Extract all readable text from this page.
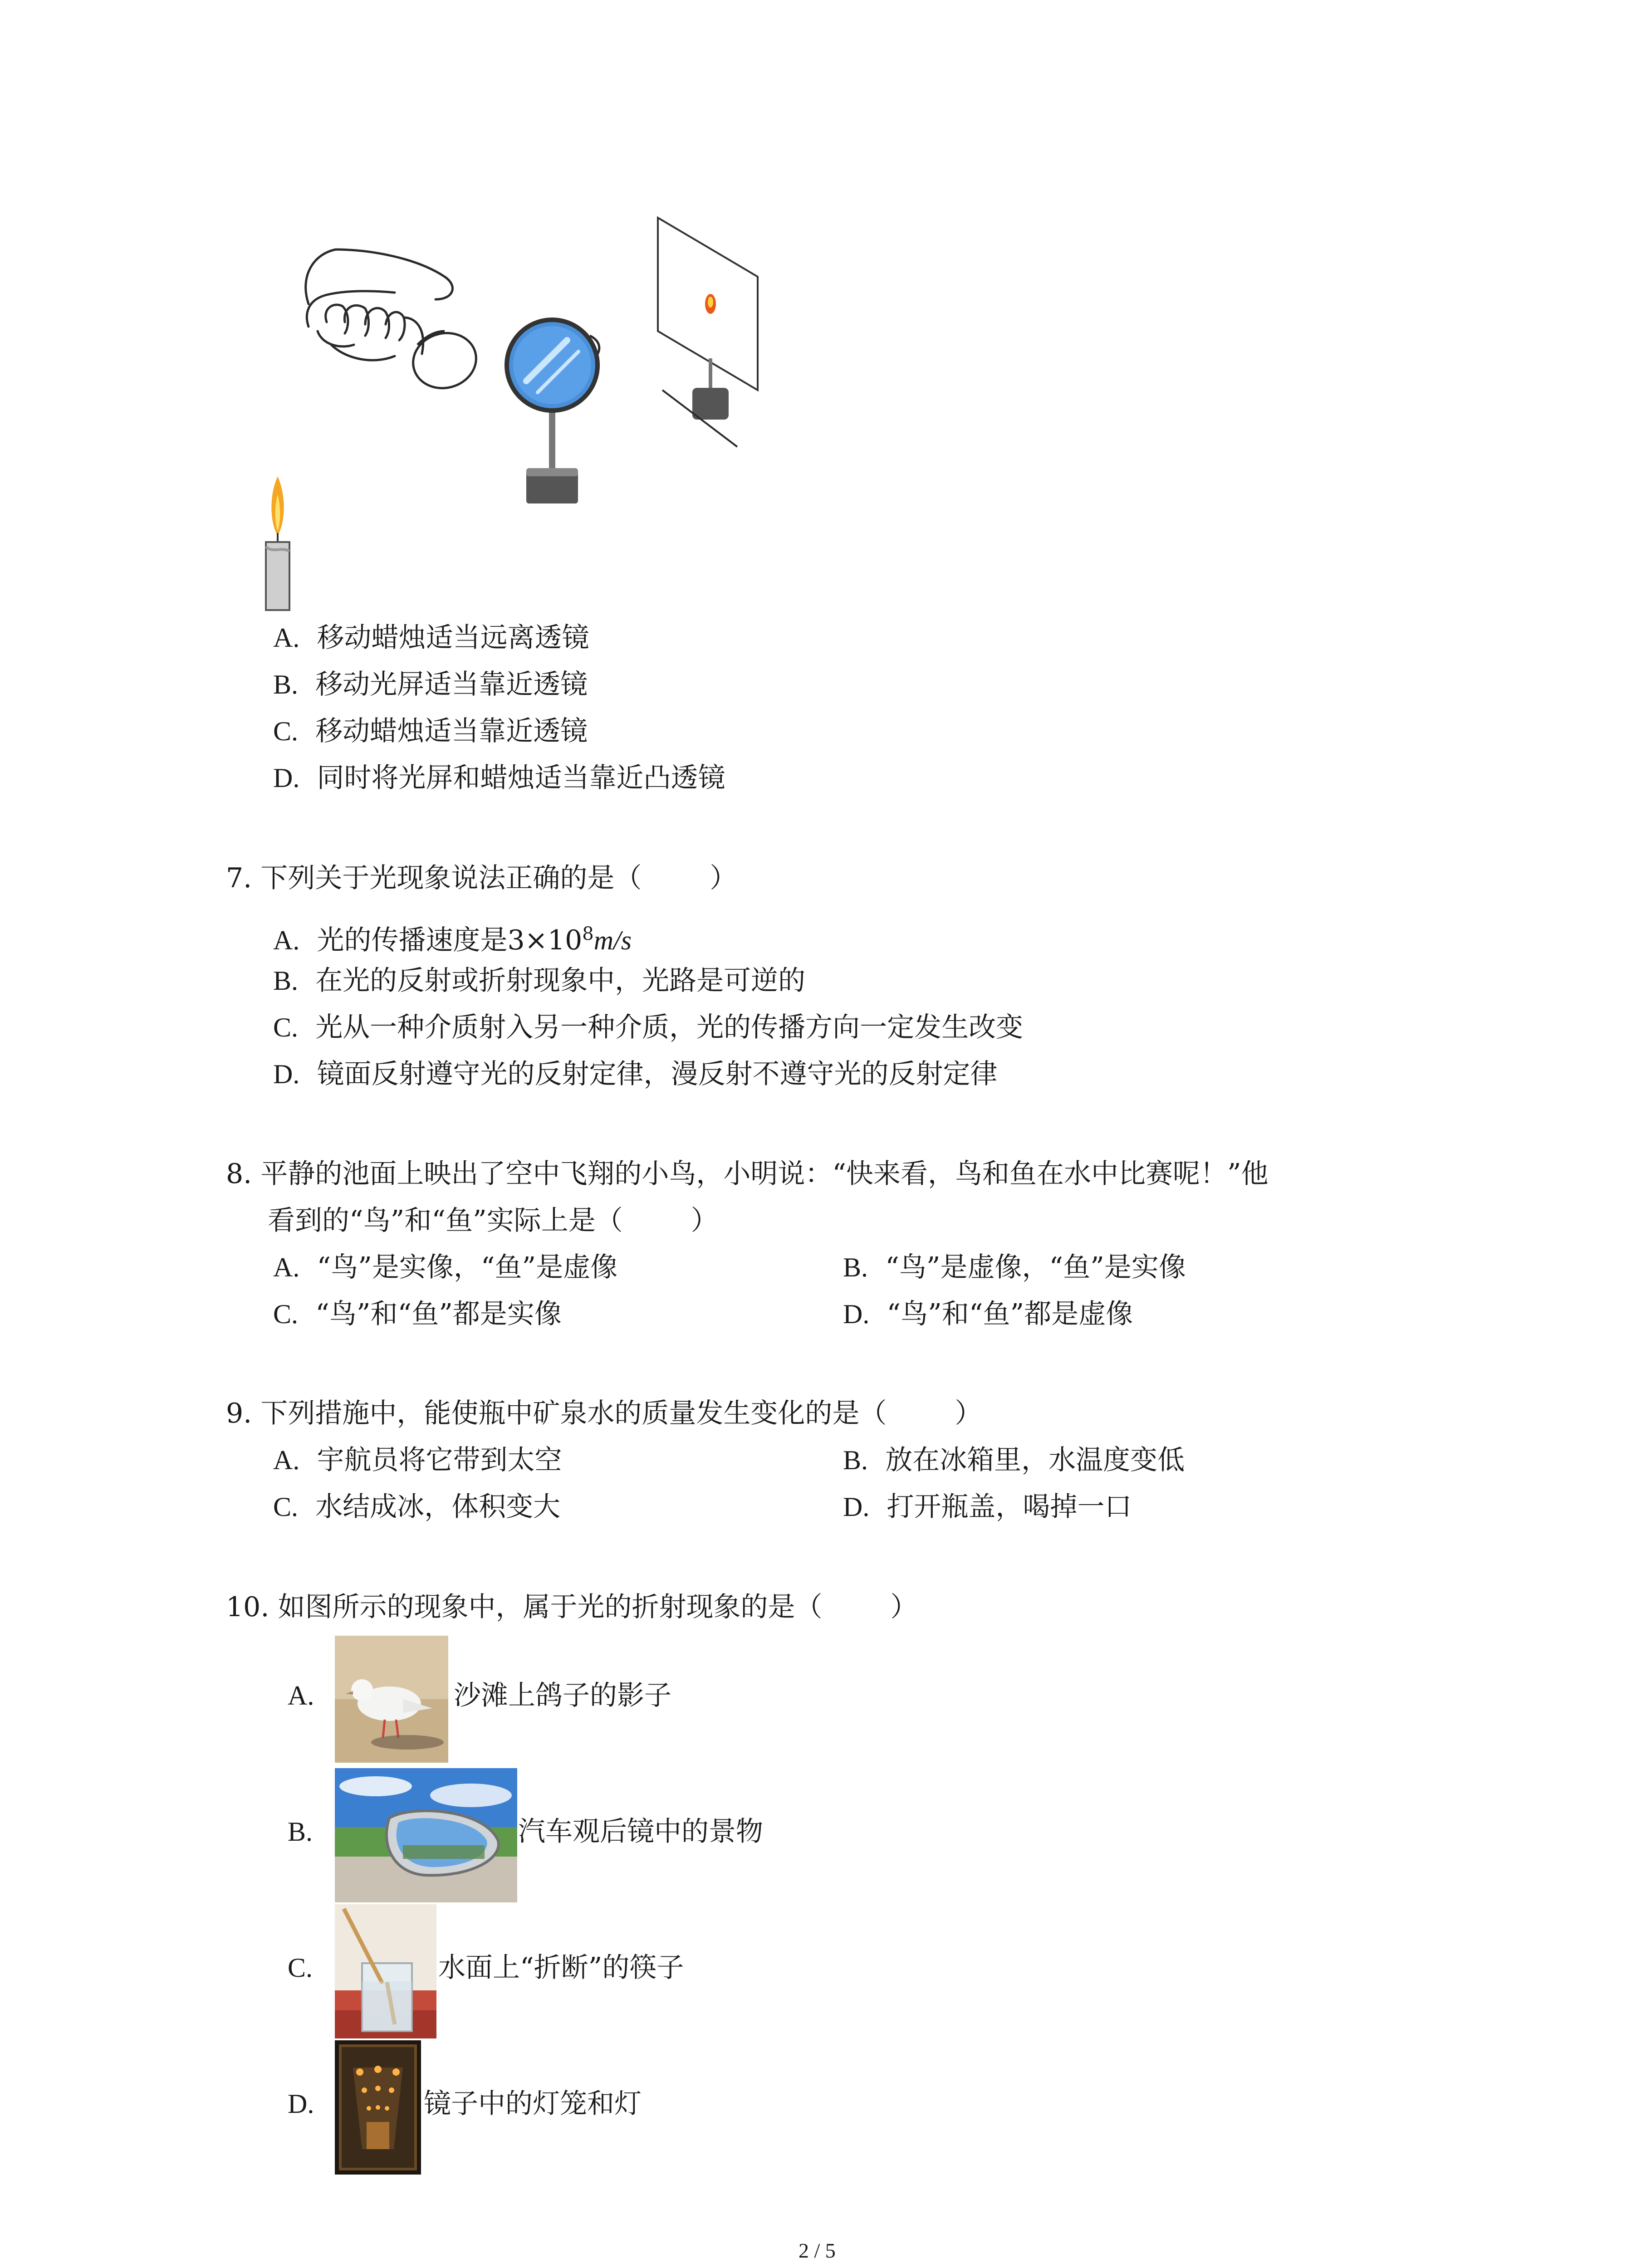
A. 移动蜡烛适当远离透镜
B. 移动光屏适当靠近透镜
C. 移动蜡烛适当靠近透镜
D. 同时将光屏和蜡烛适当靠近凸透镜
7. 下列关于光现象说法正确的是（	）
A. 光的传播速度是$3\times 10^8m/s$
B. 在光的反射或折射现象中，光路是可逆的
C. 光从一种介质射入另一种介质，光的传播方向一定发生改变
D. 镜面反射遵守光的反射定律，漫反射不遵守光的反射定律
8. 平静的池面上映出了空中飞翔的小鸟，小明说：“快来看，鸟和鱼在水中比赛呢！”他
看到的“鸟”和“鱼”实际上是（	）
A. “鸟”是实像，“鱼”是虚像	B. “鸟”是虚像，“鱼”是实像
C. “鸟”和“鱼”都是实像	D. “鸟”和“鱼”都是虚像
9. 下列措施中，能使瓶中矿泉水的质量发生变化的是（	）
A. 宇航员将它带到太空	B. 放在冰箱里，水温度变低
C. 水结成冰，体积变大	D. 打开瓶盖，喝掉一口
10. 如图所示的现象中，属于光的折射现象的是（	）
A.	沙滩上鸽子的影子
B.	汽车观后镜中的景物
C.	水面上“折断”的筷子
D.	镜子中的灯笼和灯
2 / 5
